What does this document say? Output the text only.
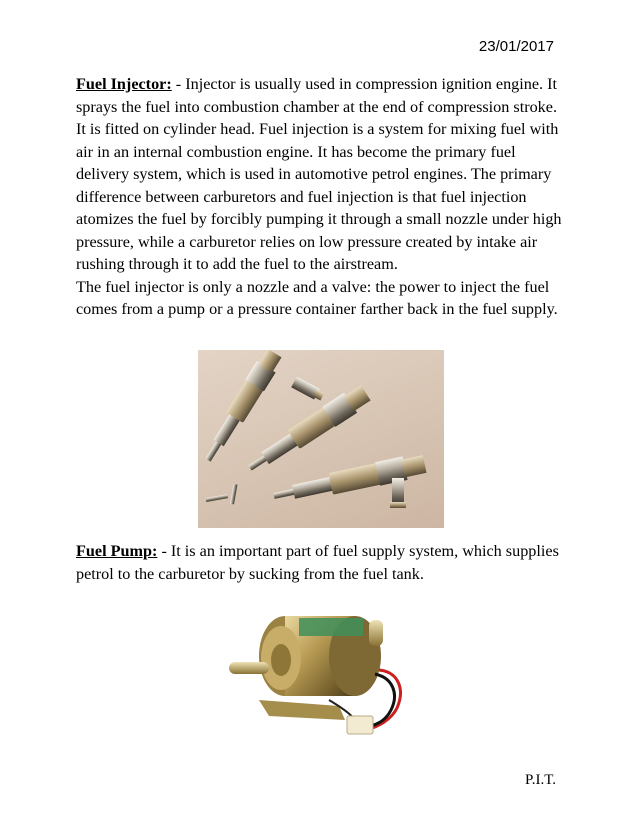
23/01/2017

Fuel Injector: - Injector is usually used in compression ignition engine. It sprays the fuel into combustion chamber at the end of compression stroke. It is fitted on cylinder head. Fuel injection is a system for mixing fuel with air in an internal combustion engine. It has become the primary fuel delivery system, which is used in automotive petrol engines. The primary difference between carburetors and fuel injection is that fuel injection atomizes the fuel by forcibly pumping it through a small nozzle under high pressure, while a carburetor relies on low pressure created by intake air rushing through it to add the fuel to the airstream.

The fuel injector is only a nozzle and a valve: the power to inject the fuel comes from a pump or a pressure container farther back in the fuel supply.

Fuel Pump: - It is an important part of fuel supply system, which supplies petrol to the carburetor by sucking from the fuel tank.

P.I.T.
